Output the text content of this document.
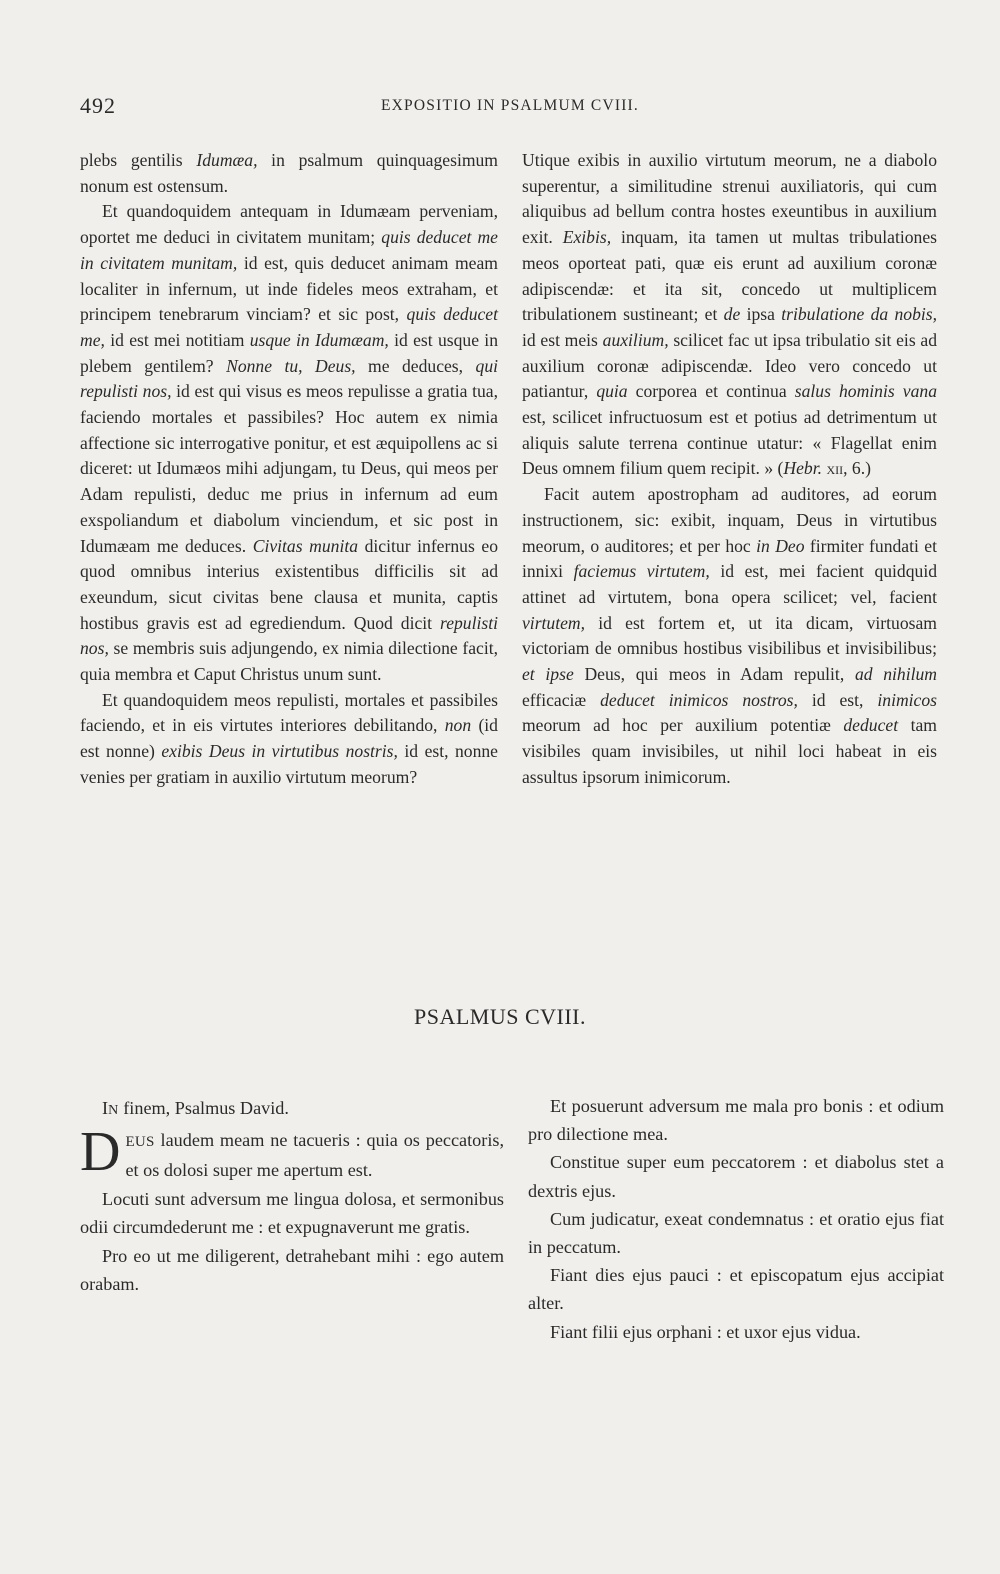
492	EXPOSITIO IN PSALMUM CVIII.

plebs gentilis Idumæa, in psalmum quinquagesimum nonum est ostensum.

Et quandoquidem antequam in Idumæam perveniam, oportet me deduci in civitatem munitam; quis deducet me in civitatem munitam, id est, quis deducet animam meam localiter in infernum, ut inde fideles meos extraham, et principem tenebrarum vinciam? et sic post, quis deducet me, id est mei notitiam usque in Idumæam, id est usque in plebem gentilem? Nonne tu, Deus, me deduces, qui repulisti nos, id est qui visus es meos repulisse a gratia tua, faciendo mortales et passibiles? Hoc autem ex nimia affectione sic interrogative ponitur, et est æquipollens ac si diceret: ut Idumæos mihi adjungam, tu Deus, qui meos per Adam repulisti, deduc me prius in infernum ad eum exspoliandum et diabolum vinciendum, et sic post in Idumæam me deduces. Civitas munita dicitur infernus eo quod omnibus interius existentibus difficilis sit ad exeundum, sicut civitas bene clausa et munita, captis hostibus gravis est ad egrediendum. Quod dicit repulisti nos, se membris suis adjungendo, ex nimia dilectione facit, quia membra et Caput Christus unum sunt.

Et quandoquidem meos repulisti, mortales et passibiles faciendo, et in eis virtutes interiores debilitando, non (id est nonne) exibis Deus in virtutibus nostris, id est, nonne venies per gratiam in auxilio virtutum meorum?

Utique exibis in auxilio virtutum meorum, ne a diabolo superentur, a similitudine strenui auxiliatoris, qui cum aliquibus ad bellum contra hostes exeuntibus in auxilium exit. Exibis, inquam, ita tamen ut multas tribulationes meos oporteat pati, quæ eis erunt ad auxilium coronæ adipiscendæ: et ita sit, concedo ut multiplicem tribulationem sustineant; et de ipsa tribulatione da nobis, id est meis auxilium, scilicet fac ut ipsa tribulatio sit eis ad auxilium coronæ adipiscendæ. Ideo vero concedo ut patiantur, quia corporea et continua salus hominis vana est, scilicet infructuosum est et potius ad detrimentum ut aliquis salute terrena continue utatur: « Flagellat enim Deus omnem filium quem recipit. » (Hebr. xii, 6.)

Facit autem apostropham ad auditores, ad eorum instructionem, sic: exibit, inquam, Deus in virtutibus meorum, o auditores; et per hoc in Deo firmiter fundati et innixi faciemus virtutem, id est, mei facient quidquid attinet ad virtutem, bona opera scilicet; vel, facient virtutem, id est fortem et, ut ita dicam, virtuosam victoriam de omnibus hostibus visibilibus et invisibilibus; et ipse Deus, qui meos in Adam repulit, ad nihilum efficaciæ deducet inimicos nostros, id est, inimicos meorum ad hoc per auxilium potentiæ deducet tam visibiles quam invisibiles, ut nihil loci habeat in eis assultus ipsorum inimicorum.

PSALMUS CVIII.

IN finem, Psalmus David.

DEUS laudem meam ne tacueris : quia os peccatoris, et os dolosi super me apertum est.

Locuti sunt adversum me lingua dolosa, et sermonibus odii circumdederunt me : et expugnaverunt me gratis.

Pro eo ut me diligerent, detrahebant mihi : ego autem orabam.

Et posuerunt adversum me mala pro bonis : et odium pro dilectione mea.

Constitue super eum peccatorem : et diabolus stet a dextris ejus.

Cum judicatur, exeat condemnatus : et oratio ejus fiat in peccatum.

Fiant dies ejus pauci : et episcopatum ejus accipiat alter.

Fiant filii ejus orphani : et uxor ejus vidua.
